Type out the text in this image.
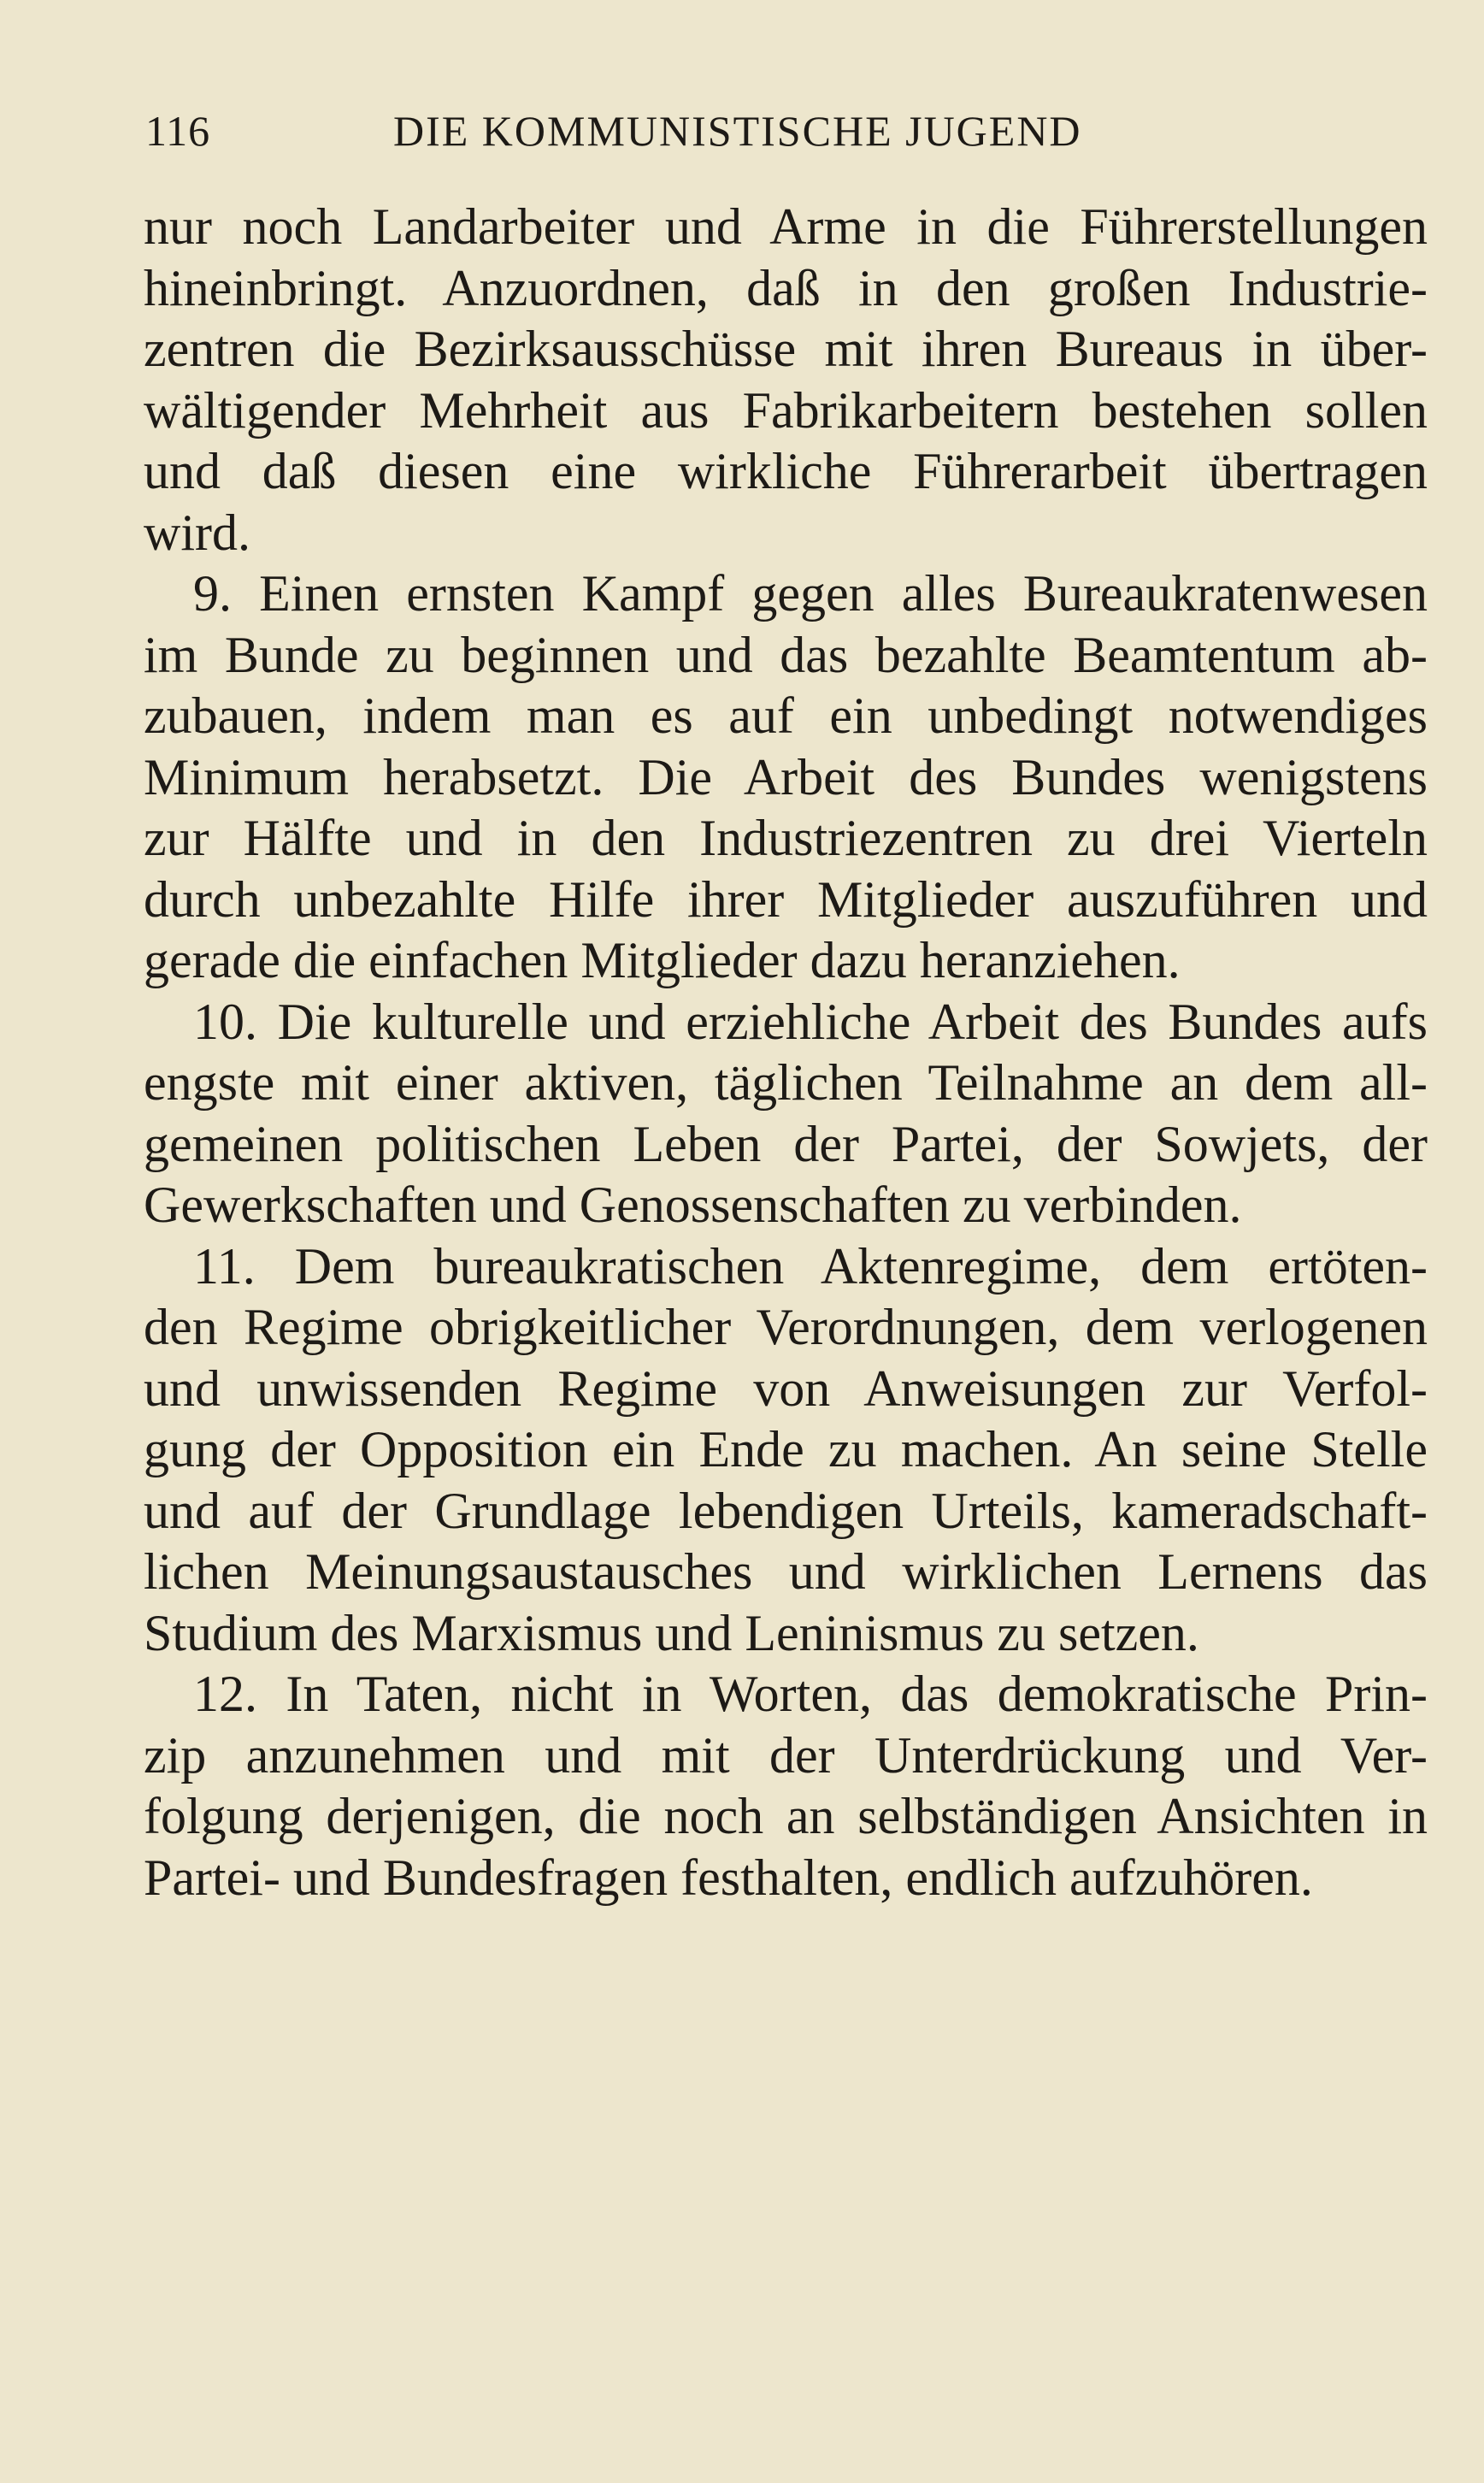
116	DIE KOMMUNISTISCHE JUGEND
nur noch Landarbeiter und Arme in die Führerstellungen
hineinbringt. Anzuordnen, daß in den großen Industrie-
zentren die Bezirksausschüsse mit ihren Bureaus in über-
wältigender Mehrheit aus Fabrikarbeitern bestehen sollen
und daß diesen eine wirkliche Führerarbeit übertragen
wird.
9. Einen ernsten Kampf gegen alles Bureaukratenwesen
im Bunde zu beginnen und das bezahlte Beamtentum ab-
zubauen, indem man es auf ein unbedingt notwendiges
Minimum herabsetzt. Die Arbeit des Bundes wenigstens
zur Hälfte und in den Industriezentren zu drei Vierteln
durch unbezahlte Hilfe ihrer Mitglieder auszuführen und
gerade die einfachen Mitglieder dazu heranziehen.
10. Die kulturelle und erziehliche Arbeit des Bundes aufs
engste mit einer aktiven, täglichen Teilnahme an dem all-
gemeinen politischen Leben der Partei, der Sowjets, der
Gewerkschaften und Genossenschaften zu verbinden.
11. Dem bureaukratischen Aktenregime, dem ertöten-
den Regime obrigkeitlicher Verordnungen, dem verlogenen
und unwissenden Regime von Anweisungen zur Verfol-
gung der Opposition ein Ende zu machen. An seine Stelle
und auf der Grundlage lebendigen Urteils, kameradschaft-
lichen Meinungsaustausches und wirklichen Lernens das
Studium des Marxismus und Leninismus zu setzen.
12. In Taten, nicht in Worten, das demokratische Prin-
zip anzunehmen und mit der Unterdrückung und Ver-
folgung derjenigen, die noch an selbständigen Ansichten in
Partei- und Bundesfragen festhalten, endlich aufzuhören.
